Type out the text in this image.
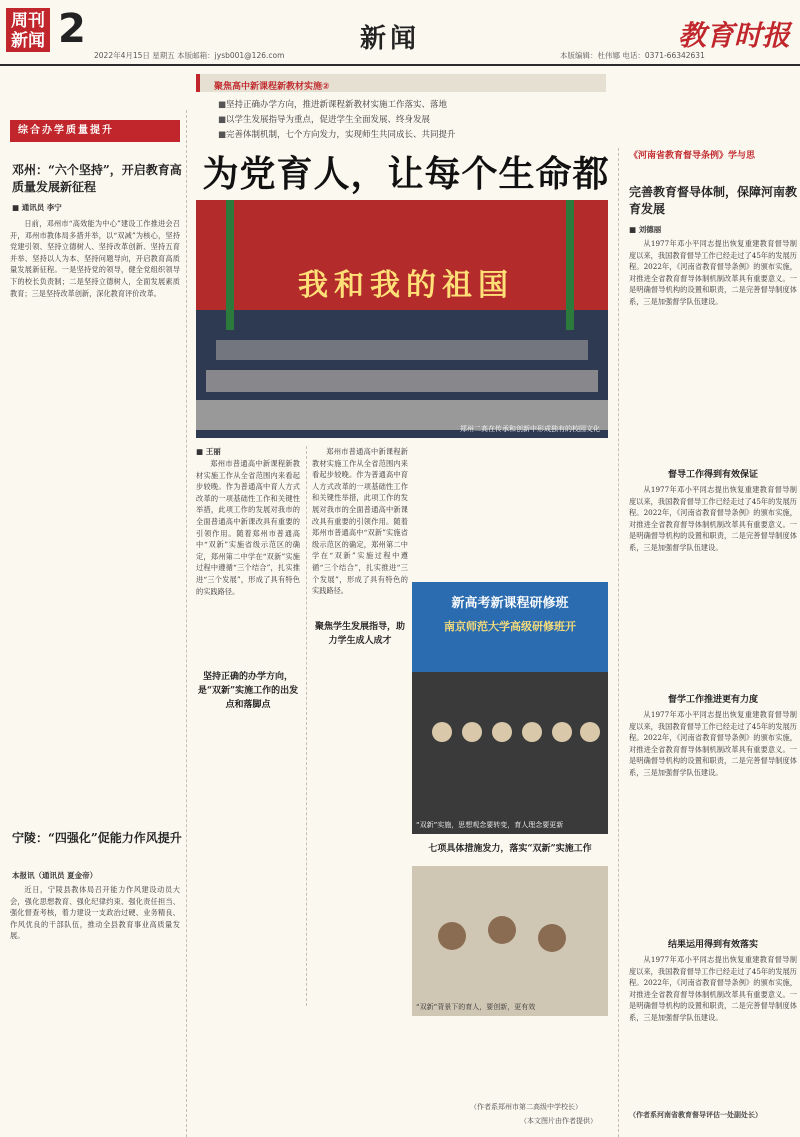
周刊新闻 2
2022年4月15日 星期五 本版邮箱：jysb001@126.com
新闻
本版编辑：杜伟娜 电话：0371-66342631
教育时报
综合办学质量提升
邓州：“六个坚持”，开启教育高质量发展新征程
■ 通讯员 李宁
日前，邓州市“高效能为中心”建设工作推进会召开，邓州市教体局多措并举，以“双减”为核心，坚持党建引领、坚持立德树人、坚持改革创新、坚持五育并举、坚持以人为本、坚持问题导向，开启教育高质量发展新征程。一是坚持党的领导，健全党组织领导下的校长负责制；二是坚持立德树人，全面发展素质教育；三是坚持改革创新，深化教育评价改革。
宁陵：“四强化”促能力作风提升
本报讯（通讯员 夏金帝）
近日，宁陵县教体局召开能力作风建设动员大会，强化思想教育、强化纪律约束、强化责任担当、强化督查考核，着力建设一支政治过硬、业务精良、作风优良的干部队伍，推动全县教育事业高质量发展。
聚焦高中新课程新教材实施②
■ 坚持正确办学方向，推进新课程新教材实施工作落实、落地
■ 以学生发展指导为重点，促进学生全面发展、终身发展
■ 完善体制机制，七个方向发力，实现师生共同成长、共同提升
为党育人，让每个生命都
我和我的祖国
郑州二高在传承和创新中形成独有的校园文化
■ 王丽
郑州市普通高中新课程新教材实施工作从全省范围内来看起步较晚。作为普通高中育人方式改革的一项基础性工作和关键性举措，此项工作的发展对我市的全面普通高中新课改具有重要的引领作用。随着郑州市普通高中“双新”实施省级示范区的确定，郑州第二中学在“双新”实施过程中遵循“三个结合”，扎实推进“三个发展”，形成了具有特色的实践路径。
坚持正确的办学方向，是“双新”实施工作的出发点和落脚点
郑州市普通高中新课程新教材实施工作从全省范围内来看起步较晚。作为普通高中育人方式改革的一项基础性工作和关键性举措，此项工作的发展对我市的全面普通高中新课改具有重要的引领作用。随着郑州市普通高中“双新”实施省级示范区的确定，郑州第二中学在“双新”实施过程中遵循“三个结合”，扎实推进“三个发展”，形成了具有特色的实践路径。
聚焦学生发展指导，助力学生成人成才
新高考新课程研修班
南京师范大学高级研修班开
“双新”实施，思想观念要转变，育人理念要更新
七项具体措施发力，落实“双新”实施工作
“双新”背景下的育人，要创新，更有效
（作者系郑州市第二高级中学校长）
（本文图片由作者提供）
《河南省教育督导条例》学与思
完善教育督导体制，保障河南教育发展
■ 刘德丽
从1977年邓小平同志提出恢复重建教育督导制度以来，我国教育督导工作已经走过了45年的发展历程。2022年，《河南省教育督导条例》的颁布实施，对推进全省教育督导体制机制改革具有重要意义。一是明确督导机构的设置和职责，二是完善督导制度体系，三是加强督学队伍建设。
督导工作得到有效保证
从1977年邓小平同志提出恢复重建教育督导制度以来，我国教育督导工作已经走过了45年的发展历程。2022年，《河南省教育督导条例》的颁布实施，对推进全省教育督导体制机制改革具有重要意义。一是明确督导机构的设置和职责，二是完善督导制度体系，三是加强督学队伍建设。
督学工作推进更有力度
从1977年邓小平同志提出恢复重建教育督导制度以来，我国教育督导工作已经走过了45年的发展历程。2022年，《河南省教育督导条例》的颁布实施，对推进全省教育督导体制机制改革具有重要意义。一是明确督导机构的设置和职责，二是完善督导制度体系，三是加强督学队伍建设。
结果运用得到有效落实
从1977年邓小平同志提出恢复重建教育督导制度以来，我国教育督导工作已经走过了45年的发展历程。2022年，《河南省教育督导条例》的颁布实施，对推进全省教育督导体制机制改革具有重要意义。一是明确督导机构的设置和职责，二是完善督导制度体系，三是加强督学队伍建设。
（作者系河南省教育督导评估一处副处长）
